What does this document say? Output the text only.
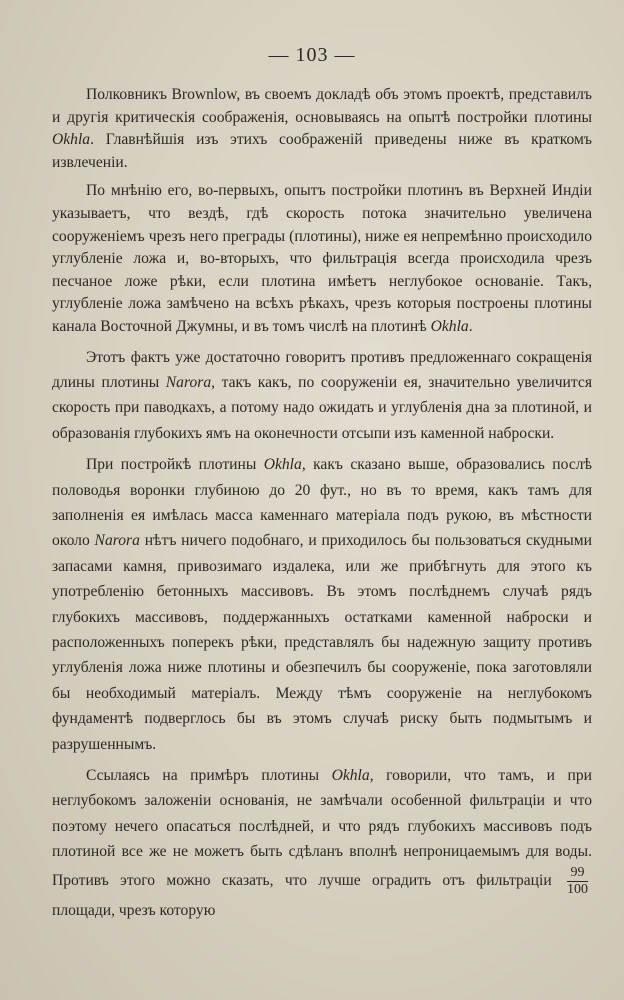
— 103 —

Полковникъ Brownlow, въ своемъ докладѣ объ этомъ проектѣ, представилъ и другія критическія соображенія, основываясь на опытѣ постройки плотины Okhla. Главнѣйшія изъ этихъ соображеній приведены ниже въ краткомъ извлеченіи.

По мнѣнію его, во-первыхъ, опытъ постройки плотинъ въ Верхней Индіи указываетъ, что вездѣ, гдѣ скорость потока значительно увеличена сооруженіемъ чрезъ него преграды (плотины), ниже ея непремѣнно происходило углубленіе ложа и, во-вторыхъ, что фильтрація всегда происходила чрезъ песчаное ложе рѣки, если плотина имѣетъ неглубокое основаніе. Такъ, углубленіе ложа замѣчено на всѣхъ рѣкахъ, чрезъ которыя построены плотины канала Восточной Джумны, и въ томъ числѣ на плотинѣ Okhla.

Этотъ фактъ уже достаточно говоритъ противъ предложеннаго сокращенія длины плотины Narora, такъ какъ, по сооруженіи ея, значительно увеличится скорость при паводкахъ, а потому надо ожидать и углубленія дна за плотиной, и образованія глубокихъ ямъ на оконечности отсыпи изъ каменной наброски.

При постройкѣ плотины Okhla, какъ сказано выше, образовались послѣ половодья воронки глубиною до 20 фут., но въ то время, какъ тамъ для заполненія ея имѣлась масса каменнаго матеріала подъ рукою, въ мѣстности около Narora нѣтъ ничего подобнаго, и приходилось бы пользоваться скудными запасами камня, привозимаго издалека, или же прибѣгнуть для этого къ употребленію бетонныхъ массивовъ. Въ этомъ послѣднемъ случаѣ рядъ глубокихъ массивовъ, поддержанныхъ остатками каменной наброски и расположенныхъ поперекъ рѣки, представлялъ бы надежную защиту противъ углубленія ложа ниже плотины и обезпечилъ бы сооруженіе, пока заготовляли бы необходимый матеріалъ. Между тѣмъ сооруженіе на неглубокомъ фундаментѣ подверглось бы въ этомъ случаѣ риску быть подмытымъ и разрушеннымъ.

Ссылаясь на примѣръ плотины Okhla, говорили, что тамъ, и при неглубокомъ заложеніи основанія, не замѣчали особенной фильтраціи и что поэтому нечего опасаться послѣдней, и что рядъ глубокихъ массивовъ подъ плотиной все же не можетъ быть сдѣланъ вполнѣ непроницаемымъ для воды. Противъ этого можно сказать, что лучше оградить отъ фильтраціи $\frac{99}{100}$
площади, чрезъ которую
